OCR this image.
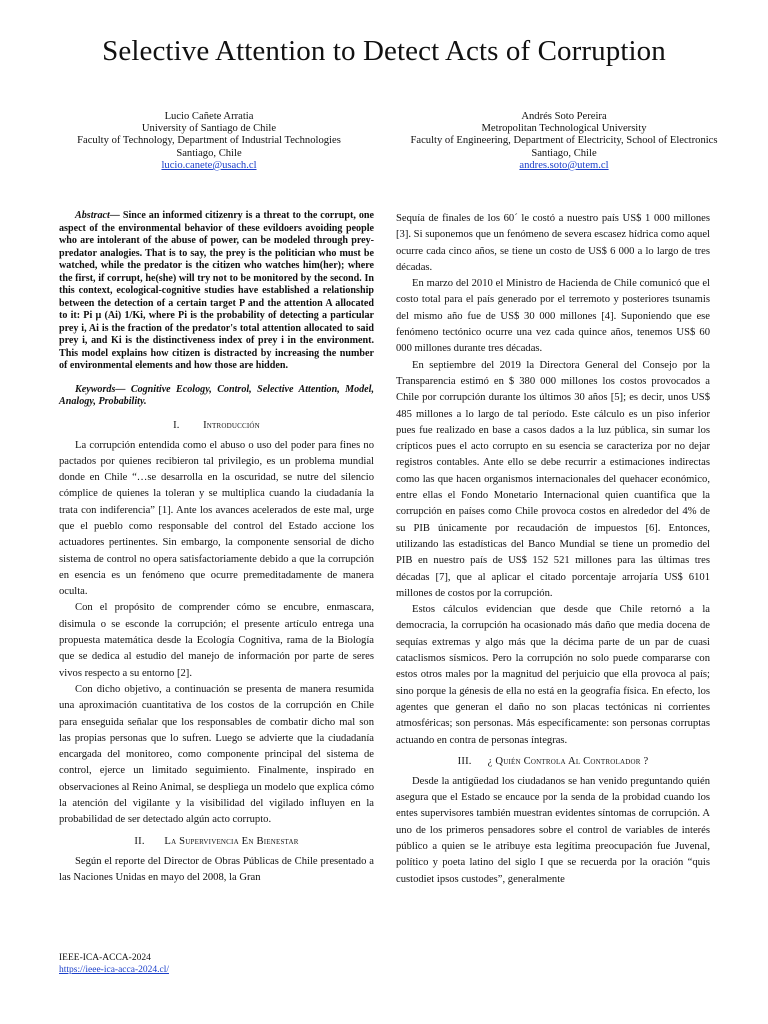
Selective Attention to Detect Acts of Corruption
Lucio Cañete Arratia
University of Santiago de Chile
Faculty of Technology, Department of Industrial Technologies
Santiago, Chile
lucio.canete@usach.cl
Andrés Soto Pereira
Metropolitan Technological University
Faculty of Engineering, Department of Electricity, School of Electronics
Santiago, Chile
andres.soto@utem.cl

Abstract— Since an informed citizenry is a threat to the corrupt, one aspect of the environmental behavior of these evildoers avoiding people who are intolerant of the abuse of power, can be modeled through prey-predator analogies. That is to say, the prey is the politician who must be watched, while the predator is the citizen who watches him(her); where the first, if corrupt, he(she) will try not to be monitored by the second. In this context, ecological-cognitive studies have established a relationship between the detection of a certain target P and the attention A allocated to it: Pi µ (Ai) 1/Ki, where Pi is the probability of detecting a particular prey i, Ai is the fraction of the predator's total attention allocated to said prey i, and Ki is the distinctiveness index of prey i in the environment. This model explains how citizen is distracted by increasing the number of environmental elements and how those are hidden.

Keywords— Cognitive Ecology, Control, Selective Attention, Model, Analogy, Probability.

I. Introducción

La corrupción entendida como el abuso o uso del poder para fines no pactados por quienes recibieron tal privilegio, es un problema mundial donde en Chile “…se desarrolla en la oscuridad, se nutre del silencio cómplice de quienes la toleran y se multiplica cuando la ciudadanía la trata con indiferencia” [1]. Ante los avances acelerados de este mal, urge que el pueblo como responsable del control del Estado accione los actuadores pertinentes. Sin embargo, la componente sensorial de dicho sistema de control no opera satisfactoriamente debido a que la corrupción en esencia es un fenómeno que ocurre premeditadamente de manera oculta.

Con el propósito de comprender cómo se encubre, enmascara, disimula o se esconde la corrupción; el presente artículo entrega una propuesta matemática desde la Ecología Cognitiva, rama de la Biología que se dedica al estudio del manejo de información por parte de seres vivos respecto a su entorno [2].

Con dicho objetivo, a continuación se presenta de manera resumida una aproximación cuantitativa de los costos de la corrupción en Chile para enseguida señalar que los responsables de combatir dicho mal son las propias personas que lo sufren. Luego se advierte que la ciudadanía encargada del monitoreo, como componente principal del sistema de control, ejerce un limitado seguimiento. Finalmente, inspirado en observaciones al Reino Animal, se despliega un modelo que explica cómo la atención del vigilante y la visibilidad del vigilado influyen en la probabilidad de ser detectado algún acto corrupto.

II. La Supervivencia En Bienestar

Según el reporte del Director de Obras Públicas de Chile presentado a las Naciones Unidas en mayo del 2008, la Gran

Sequía de finales de los 60´ le costó a nuestro país US$ 1 000 millones [3]. Si suponemos que un fenómeno de severa escasez hídrica como aquel ocurre cada cinco años, se tiene un costo de US$ 6 000 a lo largo de tres décadas.

En marzo del 2010 el Ministro de Hacienda de Chile comunicó que el costo total para el país generado por el terremoto y posteriores tsunamis del mismo año fue de US$ 30 000 millones [4]. Suponiendo que ese fenómeno tectónico ocurre una vez cada quince años, tenemos US$ 60 000 millones durante tres décadas.

En septiembre del 2019 la Directora General del Consejo por la Transparencia estimó en $ 380 000 millones los costos provocados a Chile por corrupción durante los últimos 30 años [5]; es decir, unos US$ 485 millones a lo largo de tal período. Este cálculo es un piso inferior pues fue realizado en base a casos dados a la luz pública, sin sumar los crípticos pues el acto corrupto en su esencia se caracteriza por no dejar registros contables. Ante ello se debe recurrir a estimaciones indirectas como las que hacen organismos internacionales del quehacer económico, entre ellas el Fondo Monetario Internacional quien cuantifica que la corrupción en países como Chile provoca costos en alrededor del 4% de su PIB únicamente por recaudación de impuestos [6]. Entonces, utilizando las estadísticas del Banco Mundial se tiene un promedio del PIB en nuestro país de US$ 152 521 millones para las últimas tres décadas [7], que al aplicar el citado porcentaje arrojaría US$ 6101 millones de costos por la corrupción.

Estos cálculos evidencian que desde que Chile retornó a la democracia, la corrupción ha ocasionado más daño que media docena de sequías extremas y algo más que la décima parte de un par de cuasi cataclismos sísmicos. Pero la corrupción no solo puede compararse con estos otros males por la magnitud del perjuicio que ella provoca al país; sino porque la génesis de ella no está en la geografía física. En efecto, los agentes que generan el daño no son placas tectónicas ni corrientes atmosféricas; son personas. Más específicamente: son personas corruptas actuando en contra de personas íntegras.

III. ¿ Quién Controla Al Controlador ?

Desde la antigüedad los ciudadanos se han venido preguntando quién asegura que el Estado se encauce por la senda de la probidad cuando los entes supervisores también muestran evidentes síntomas de corrupción. A uno de los primeros pensadores sobre el control de variables de interés público a quien se le atribuye esta legítima preocupación fue Juvenal, político y poeta latino del siglo I que se recuerda por la oración “quis custodiet ipsos custodes”, generalmente

IEEE-ICA-ACCA-2024
https://ieee-ica-acca-2024.cl/
